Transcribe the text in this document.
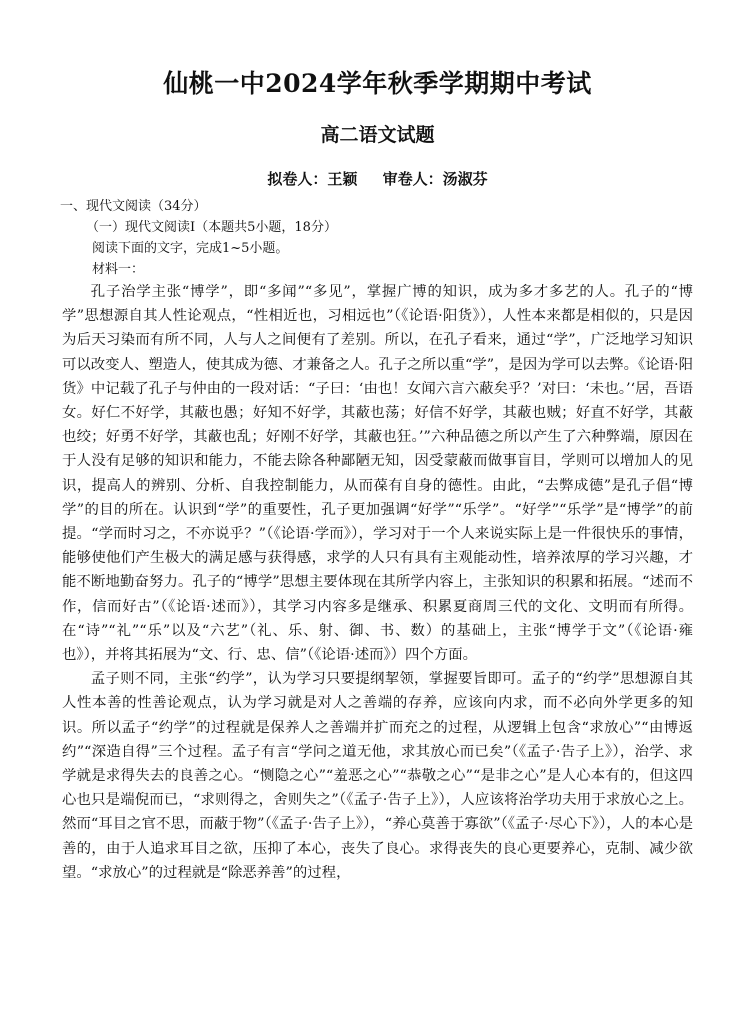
仙桃一中2024学年秋季学期期中考试
高二语文试题
拟卷人：王颖 审卷人：汤淑芬

一、现代文阅读（34分）

（一）现代文阅读Ⅰ（本题共5小题，18分）

阅读下面的文字，完成1~5小题。

材料一：

孔子治学主张“博学”，即“多闻”“多见”，掌握广博的知识，成为多才多艺的人。孔子的“博学”思想源自其人性论观点，“性相近也，习相远也”（《论语·阳货》），人性本来都是相似的，只是因为后天习染而有所不同，人与人之间便有了差别。所以，在孔子看来，通过“学”，广泛地学习知识可以改变人、塑造人，使其成为德、才兼备之人。孔子之所以重“学”，是因为学可以去弊。《论语·阳货》中记载了孔子与仲由的一段对话：“子曰：‘由也！女闻六言六蔽矣乎？’对曰：‘未也。’‘居，吾语女。好仁不好学，其蔽也愚；好知不好学，其蔽也荡；好信不好学，其蔽也贼；好直不好学，其蔽也绞；好勇不好学，其蔽也乱；好刚不好学，其蔽也狂。’”六种品德之所以产生了六种弊端，原因在于人没有足够的知识和能力，不能去除各种鄙陋无知，因受蒙蔽而做事盲目，学则可以增加人的见识，提高人的辨别、分析、自我控制能力，从而葆有自身的德性。由此，“去弊成德”是孔子倡“博学”的目的所在。认识到“学”的重要性，孔子更加强调“好学”“乐学”。“好学”“乐学”是“博学”的前提。“学而时习之，不亦说乎？”（《论语·学而》），学习对于一个人来说实际上是一件很快乐的事情，能够使他们产生极大的满足感与获得感，求学的人只有具有主观能动性，培养浓厚的学习兴趣，才能不断地勤奋努力。孔子的“博学”思想主要体现在其所学内容上，主张知识的积累和拓展。“述而不作，信而好古”（《论语·述而》），其学习内容多是继承、积累夏商周三代的文化、文明而有所得。在“诗”“礼”“乐”以及“六艺”（礼、乐、射、御、书、数）的基础上，主张“博学于文”（《论语·雍也》），并将其拓展为“文、行、忠、信”（《论语·述而》）四个方面。

孟子则不同，主张“约学”，认为学习只要提纲挈领，掌握要旨即可。孟子的“约学”思想源自其人性本善的性善论观点，认为学习就是对人之善端的存养，应该向内求，而不必向外学更多的知识。所以孟子“约学”的过程就是保养人之善端并扩而充之的过程，从逻辑上包含“求放心”“由博返约”“深造自得”三个过程。孟子有言“学问之道无他，求其放心而已矣”（《孟子·告子上》），治学、求学就是求得失去的良善之心。“恻隐之心”“羞恶之心”“恭敬之心”“是非之心”是人心本有的，但这四心也只是端倪而已，“求则得之，舍则失之”（《孟子·告子上》），人应该将治学功夫用于求放心之上。然而“耳目之官不思，而蔽于物”（《孟子·告子上》），“养心莫善于寡欲”（《孟子·尽心下》），人的本心是善的，由于人追求耳目之欲，压抑了本心，丧失了良心。求得丧失的良心更要养心，克制、减少欲望。“求放心”的过程就是“除恶养善”的过程，
